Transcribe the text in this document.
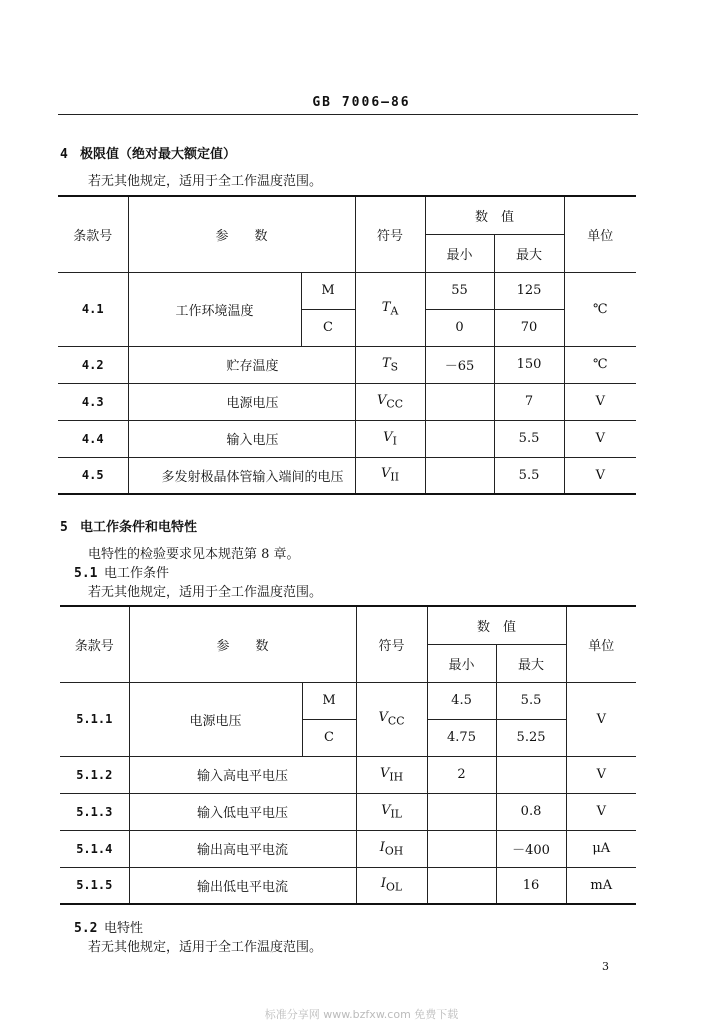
GB 7006—86
4 极限值（绝对最大额定值）
若无其他规定，适用于全工作温度范围。
条款号	参　　数		符号	数　值		单位
				最小	最大	
4.1	工作环境温度	M	$T_A$	55	125	℃
		C		0	70	
4.2	贮存温度		$T_S$	－65	150	℃
4.3	电源电压		$V_{CC}$		7	V
4.4	输入电压		$V_I$		5.5	V
4.5	多发射极晶体管输入端间的电压		$V_{II}$		5.5	V
5 电工作条件和电特性
电特性的检验要求见本规范第 8 章。
5.1 电工作条件
若无其他规定，适用于全工作温度范围。
条款号	参　　数		符号	数　值		单位
				最小	最大	
5.1.1	电源电压	M	$V_{CC}$	4.5	5.5	V
		C		4.75	5.25	
5.1.2	输入高电平电压		$V_{IH}$	2		V
5.1.3	输入低电平电压		$V_{IL}$		0.8	V
5.1.4	输出高电平电流		$I_{OH}$		－400	μA
5.1.5	输出低电平电流		$I_{OL}$		16	mA
5.2 电特性
若无其他规定，适用于全工作温度范围。
3
标准分享网 www.bzfxw.com 免费下载
